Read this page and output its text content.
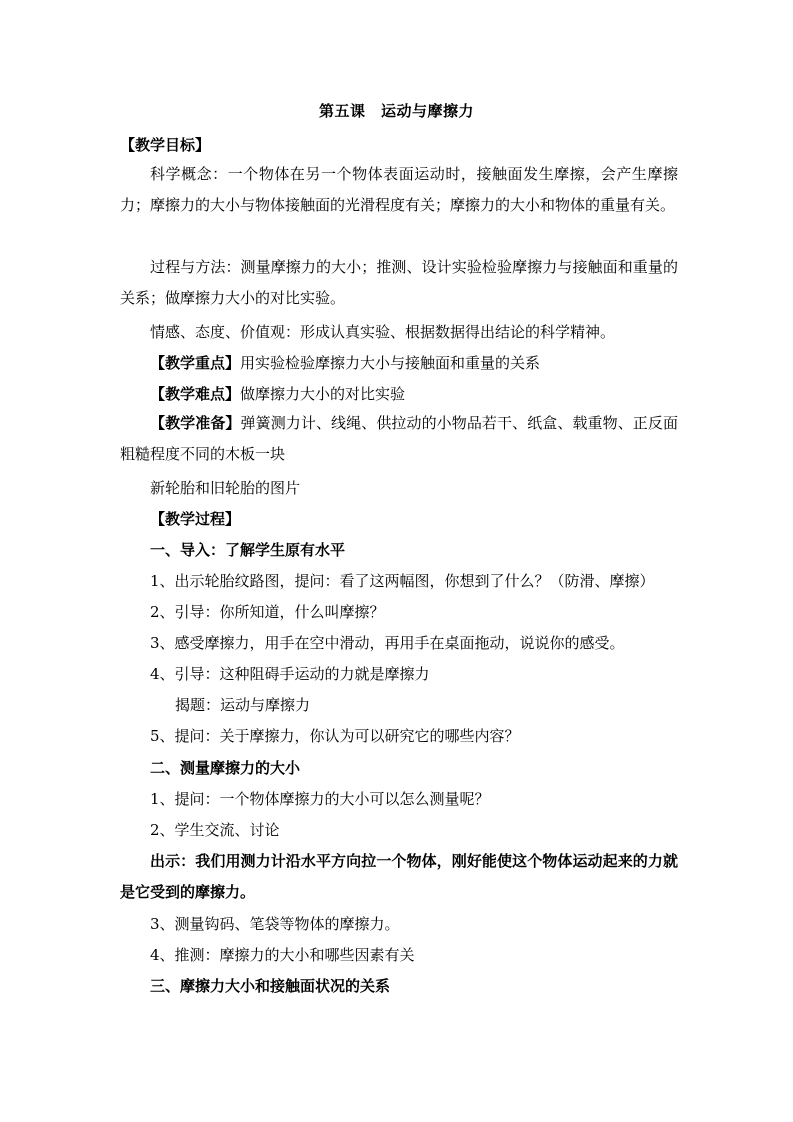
第五课　运动与摩擦力
【教学目标】
科学概念：一个物体在另一个物体表面运动时，接触面发生摩擦，会产生摩擦力；摩擦力的大小与物体接触面的光滑程度有关；摩擦力的大小和物体的重量有关。
过程与方法：测量摩擦力的大小；推测、设计实验检验摩擦力与接触面和重量的关系；做摩擦力大小的对比实验。
情感、态度、价值观：形成认真实验、根据数据得出结论的科学精神。
【教学重点】用实验检验摩擦力大小与接触面和重量的关系
【教学难点】做摩擦力大小的对比实验
【教学准备】弹簧测力计、线绳、供拉动的小物品若干、纸盒、载重物、正反面粗糙程度不同的木板一块
新轮胎和旧轮胎的图片
【教学过程】
一、导入：了解学生原有水平
1、出示轮胎纹路图，提问：看了这两幅图，你想到了什么？（防滑、摩擦）
2、引导：你所知道，什么叫摩擦？
3、感受摩擦力，用手在空中滑动，再用手在桌面拖动，说说你的感受。
4、引导：这种阻碍手运动的力就是摩擦力
揭题：运动与摩擦力
5、提问：关于摩擦力，你认为可以研究它的哪些内容？
二、测量摩擦力的大小
1、提问：一个物体摩擦力的大小可以怎么测量呢？
2、学生交流、讨论
出示：我们用测力计沿水平方向拉一个物体，刚好能使这个物体运动起来的力就是它受到的摩擦力。
3、测量钩码、笔袋等物体的摩擦力。
4、推测：摩擦力的大小和哪些因素有关
三、摩擦力大小和接触面状况的关系
